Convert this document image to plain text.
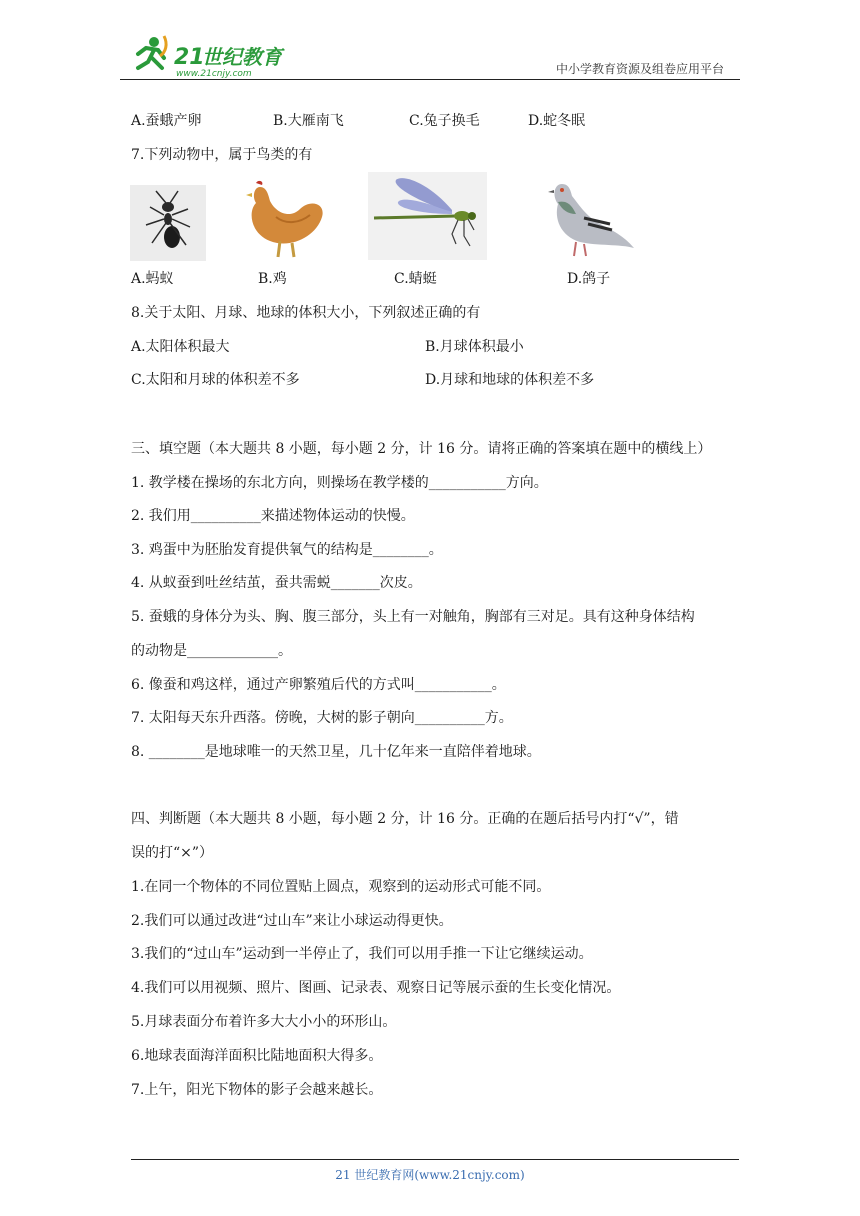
21
世纪教育
www.21cnjy.com	中小学教育资源及组卷应用平台
A.蚕蛾产卵	B.大雁南飞	C.兔子换毛	D.蛇冬眠
7.下列动物中，属于鸟类的有
A.蚂蚁	B.鸡	C.蜻蜓	D.鸽子
8.关于太阳、月球、地球的体积大小，下列叙述正确的有
A.太阳体积最大	B.月球体积最小
C.太阳和月球的体积差不多	D.月球和地球的体积差不多
三、填空题（本大题共 8 小题，每小题 2 分，计 16 分。请将正确的答案填在题中的横线上）
1. 教学楼在操场的东北方向，则操场在教学楼的___________方向。
2. 我们用__________来描述物体运动的快慢。
3. 鸡蛋中为胚胎发育提供氧气的结构是________。
4. 从蚁蚕到吐丝结茧，蚕共需蜕_______次皮。
5. 蚕蛾的身体分为头、胸、腹三部分，头上有一对触角，胸部有三对足。具有这种身体结构
的动物是_____________。
6. 像蚕和鸡这样，通过产卵繁殖后代的方式叫___________。
7. 太阳每天东升西落。傍晚，大树的影子朝向__________方。
8. ________是地球唯一的天然卫星，几十亿年来一直陪伴着地球。
四、判断题（本大题共 8 小题，每小题 2 分，计 16 分。正确的在题后括号内打“√”，错
误的打“×”）
1.在同一个物体的不同位置贴上圆点，观察到的运动形式可能不同。
2.我们可以通过改进“过山车”来让小球运动得更快。
3.我们的“过山车”运动到一半停止了，我们可以用手推一下让它继续运动。
4.我们可以用视频、照片、图画、记录表、观察日记等展示蚕的生长变化情况。
5.月球表面分布着许多大大小小的环形山。
6.地球表面海洋面积比陆地面积大得多。
7.上午，阳光下物体的影子会越来越长。
21 世纪教育网(www.21cnjy.com)
